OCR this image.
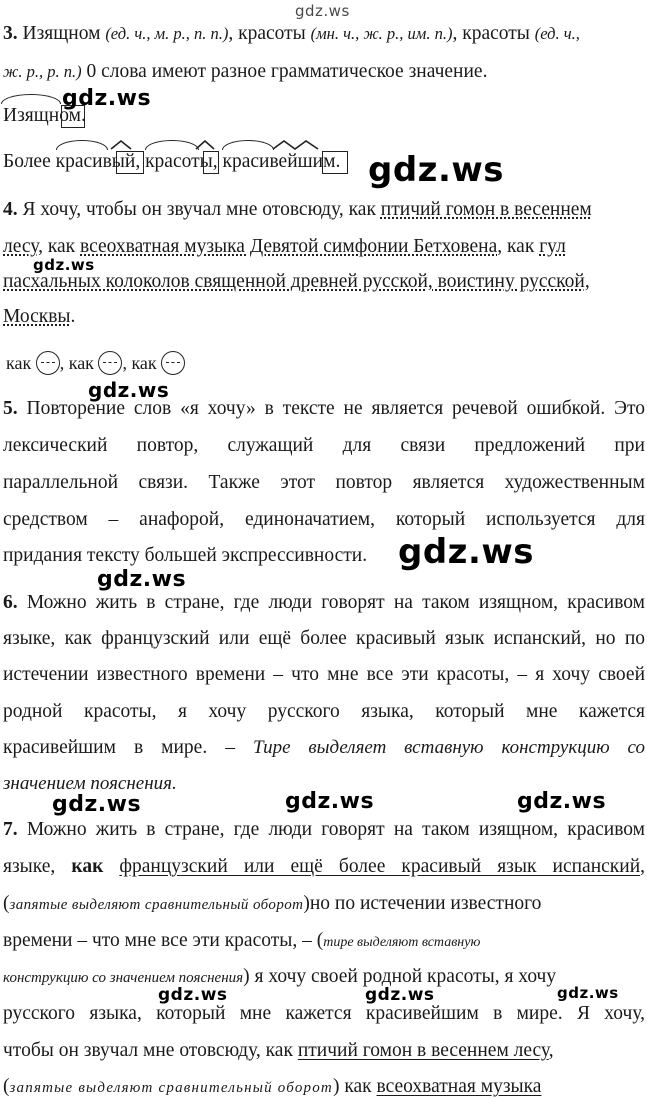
gdz.ws
3. Изящном (ед. ч., м. р., п. п.), красоты (мн. ч., ж. р., им. п.), красоты (ед. ч.,
ж. р., р. п.) 0 слова имеют разное грамматическое значение.
Изящном
.
gdz.ws
Более красивый
, красоты
, красивейшим
. gdz.ws
4. Я хочу, чтобы он звучал мне отовсюду, как птичий гомон в весеннем
лесу, как всеохватная музыка Девятой симфонии Бетховена, как гул
gdz.ws
пасхальных колоколов священной древней русской, воистину русской,
Москвы.
как , как , как
gdz.ws
5. Повторение слов «я хочу» в тексте не является речевой ошибкой. Это
лексический повтор, служащий для связи предложений при
параллельной связи. Также этот повтор является художественным
средством – анафорой, единоначатием, который используется для
придания тексту большей экспрессивности. gdz.ws
gdz.ws
6. Можно жить в стране, где люди говорят на таком изящном, красивом
языке, как французский или ещё более красивый язык испанский, но по
истечении известного времени – что мне все эти красоты, – я хочу своей
родной красоты, я хочу русского языка, который мне кажется
красивейшим в мире. – Тире выделяет вставную конструкцию со
значением пояснения.
gdz.ws	gdz.ws	gdz.ws
7. Можно жить в стране, где люди говорят на таком изящном, красивом
языке, как французский или ещё более красивый язык испанский,
(запятые выделяют сравнительный оборот)но по истечении известного
времени – что мне все эти красоты, – (тире выделяют вставную
конструкцию со значением пояснения) я хочу своей родной красоты, я хочу
gdz.ws	gdz.ws	gdz.ws
русского языка, который мне кажется красивейшим в мире. Я хочу,
чтобы он звучал мне отовсюду, как птичий гомон в весеннем лесу,
(запятые выделяют сравнительный оборот) как всеохватная музыка
